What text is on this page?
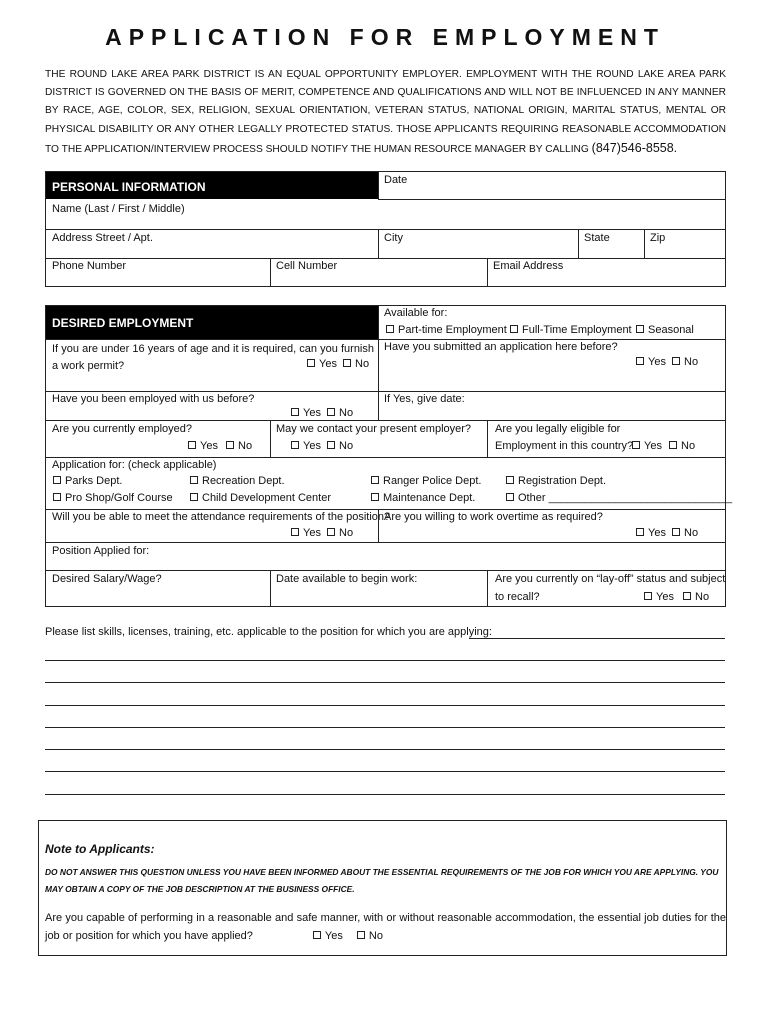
APPLICATION FOR EMPLOYMENT
THE ROUND LAKE AREA PARK DISTRICT IS AN EQUAL OPPORTUNITY EMPLOYER. EMPLOYMENT WITH THE ROUND LAKE AREA PARK DISTRICT IS GOVERNED ON THE BASIS OF MERIT, COMPETENCE AND QUALIFICATIONS AND WILL NOT BE INFLUENCED IN ANY MANNER BY RACE, AGE, COLOR, SEX, RELIGION, SEXUAL ORIENTATION, VETERAN STATUS, NATIONAL ORIGIN, MARITAL STATUS, MENTAL OR PHYSICAL DISABILITY OR ANY OTHER LEGALLY PROTECTED STATUS. THOSE APPLICANTS REQUIRING REASONABLE ACCOMMODATION TO THE APPLICATION/INTERVIEW PROCESS SHOULD NOTIFY THE HUMAN RESOURCE MANAGER BY CALLING (847)546-8558.
PERSONAL INFORMATION	Date
Name (Last / First / Middle)
Address Street / Apt.	City	State	Zip
Phone Number	Cell Number	Email Address
DESIRED EMPLOYMENT
Available for:
Part-time Employment	Full-Time Employment	Seasonal
If you are under 16 years of age and it is required, can you furnish a work permit?	Yes	No
Have you submitted an application here before?
Yes	No
Have you been employed with us before?
Yes	No
If Yes, give date:
Are you currently employed?
Yes	No
May we contact your present employer?
Yes	No
Are you legally eligible for
Employment in this country? Yes	No
Application for: (check applicable)
Parks Dept.	Recreation Dept.	Ranger Police Dept.	Registration Dept.
Pro Shop/Golf Course	Child Development Center	Maintenance Dept.	Other ______________________________
Will you be able to meet the attendance requirements of the position?
Yes	No
Are you willing to work overtime as required?
Yes	No
Position Applied for:
Desired Salary/Wage?	Date available to begin work:	Are you currently on “lay-off” status and subject
to recall?	Yes	No
Please list skills, licenses, training, etc. applicable to the position for which you are applying:
Note to Applicants:
DO NOT ANSWER THIS QUESTION UNLESS YOU HAVE BEEN INFORMED ABOUT THE ESSENTIAL REQUIREMENTS OF THE JOB FOR WHICH YOU ARE APPLYING. YOU MAY OBTAIN A COPY OF THE JOB DESCRIPTION AT THE BUSINESS OFFICE.
Are you capable of performing in a reasonable and safe manner, with or without reasonable accommodation, the essential job duties for the job or position for which you have applied?	Yes No
